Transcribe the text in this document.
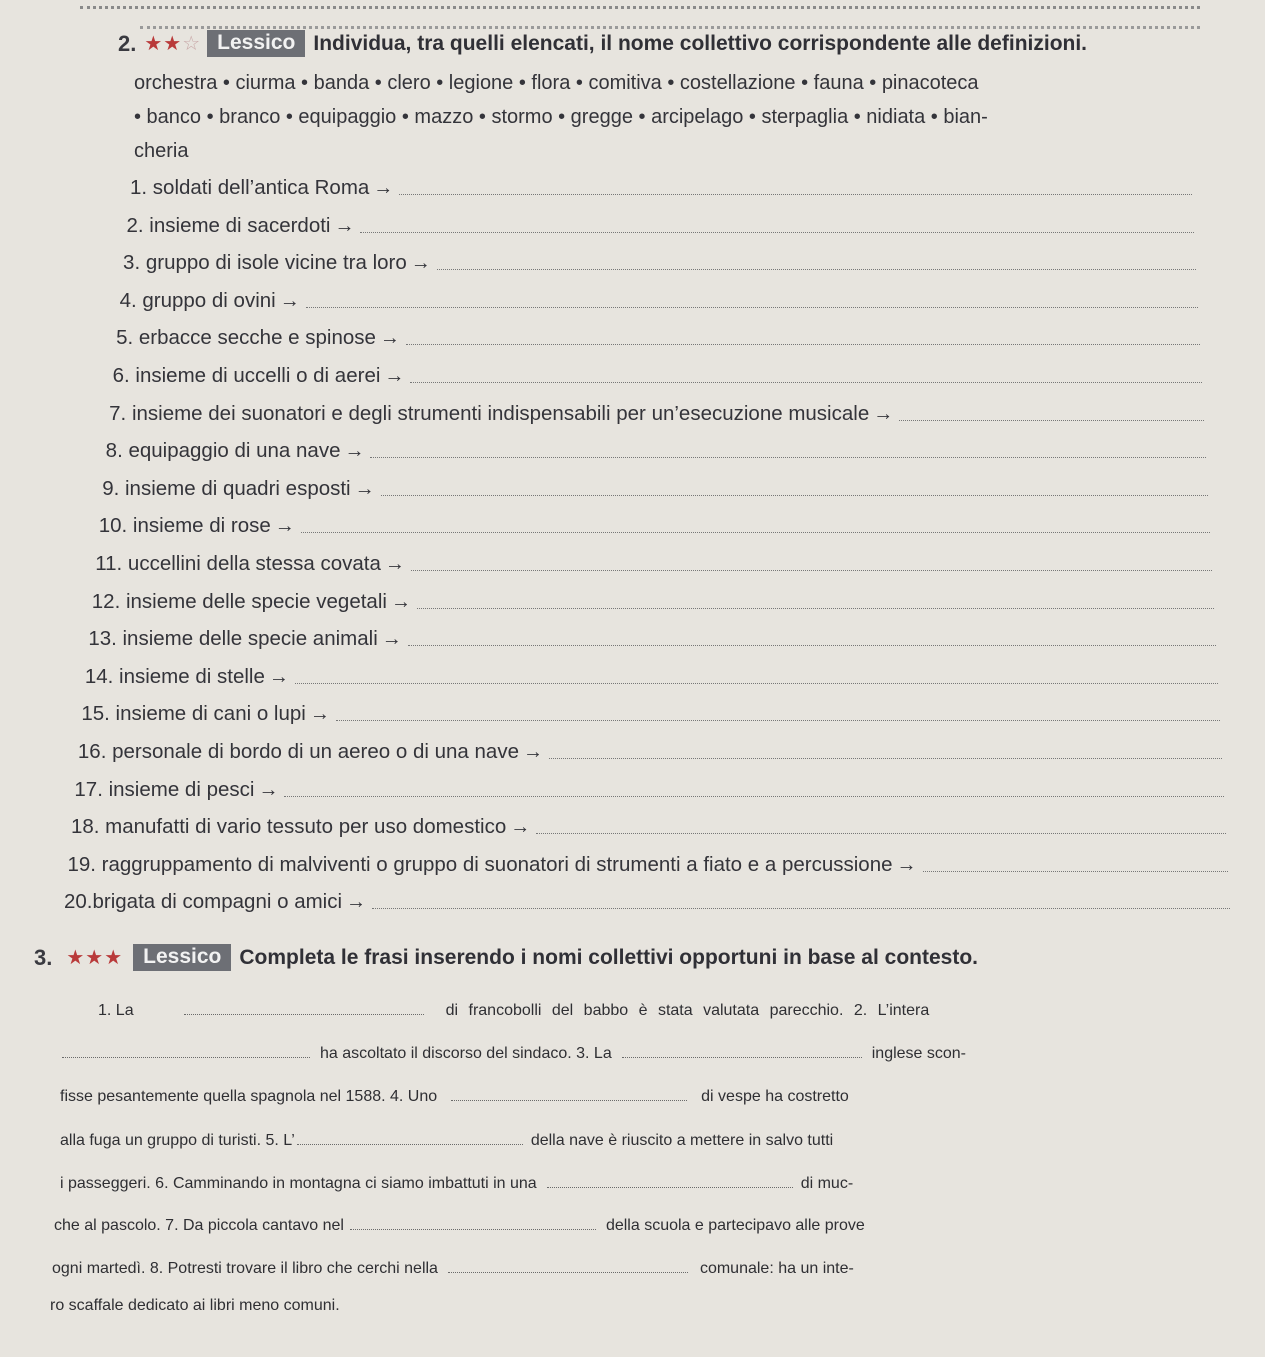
2. ★★☆ Lessico Individua, tra quelli elencati, il nome collettivo corrispondente alle definizioni.
orchestra • ciurma • banda • clero • legione • flora • comitiva • costellazione • fauna • pinacoteca
• banco • branco • equipaggio • mazzo • stormo • gregge • arcipelago • sterpaglia • nidiata • bian-
cheria
1. soldati dell’antica Roma →
2. insieme di sacerdoti →
3. gruppo di isole vicine tra loro →
4. gruppo di ovini →
5. erbacce secche e spinose →
6. insieme di uccelli o di aerei →
7. insieme dei suonatori e degli strumenti indispensabili per un’esecuzione musicale →
8. equipaggio di una nave →
9. insieme di quadri esposti →
10. insieme di rose →
11. uccellini della stessa covata →
12. insieme delle specie vegetali →
13. insieme delle specie animali →
14. insieme di stelle →
15. insieme di cani o lupi →
16. personale di bordo di un aereo o di una nave →
17. insieme di pesci →
18. manufatti di vario tessuto per uso domestico →
19. raggruppamento di malviventi o gruppo di suonatori di strumenti a fiato e a percussione →
20.brigata di compagni o amici →
3. ★★★ Lessico Completa le frasi inserendo i nomi collettivi opportuni in base al contesto.
1. La	di francobolli del babbo è stata valutata parecchio. 2. L’intera
ha ascoltato il discorso del sindaco. 3. La	inglese scon-
fisse pesantemente quella spagnola nel 1588. 4. Uno	di vespe ha costretto
alla fuga un gruppo di turisti. 5. L’	della nave è riuscito a mettere in salvo tutti
i passeggeri. 6. Camminando in montagna ci siamo imbattuti in una	di muc-
che al pascolo. 7. Da piccola cantavo nel	della scuola e partecipavo alle prove
ogni martedì. 8. Potresti trovare il libro che cerchi nella	comunale: ha un inte-
ro scaffale dedicato ai libri meno comuni.
